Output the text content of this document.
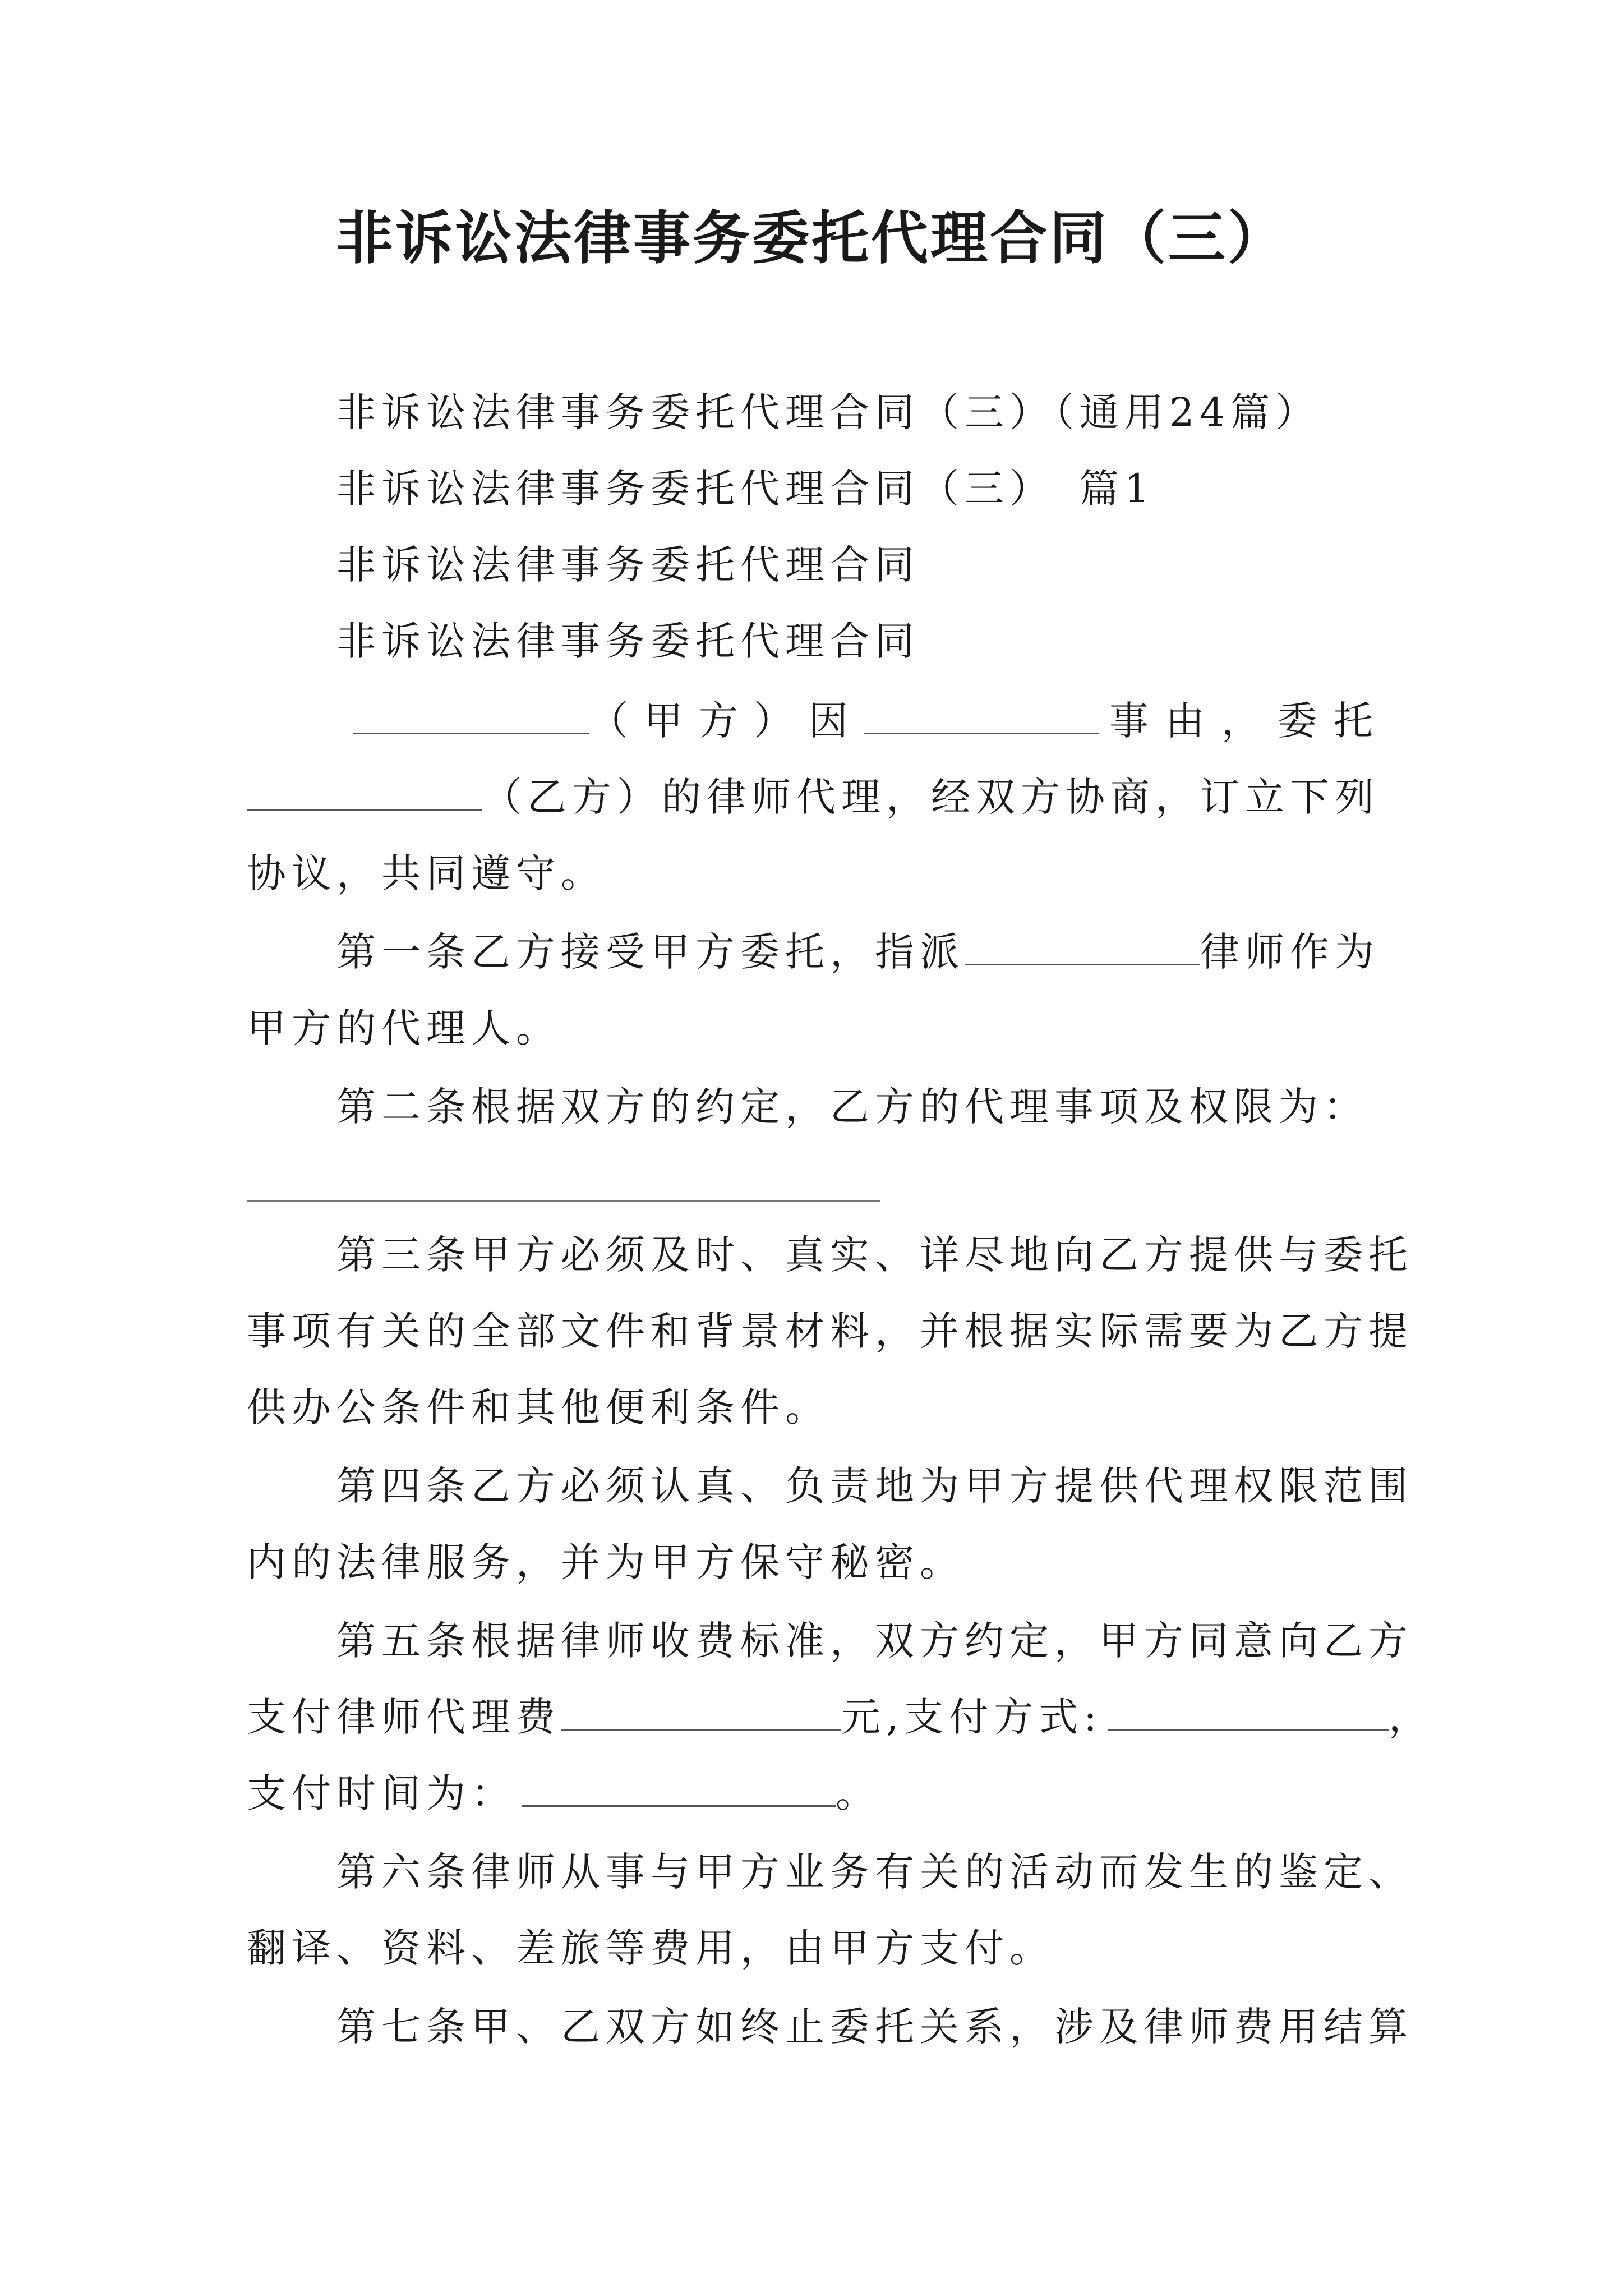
非诉讼法律事务委托代理合同（三）
非诉讼法律事务委托代理合同（三）（通用24篇）
非诉讼法律事务委托代理合同（三）　篇1
非诉讼法律事务委托代理合同
非诉讼法律事务委托代理合同
（甲方）因	事由，委托
（乙方）的律师代理，经双方协商，订立下列
协议，共同遵守。
第一条乙方接受甲方委托，指派	律师作为
甲方的代理人。
第二条根据双方的约定，乙方的代理事项及权限为：
第三条甲方必须及时、真实、详尽地向乙方提供与委托
事项有关的全部文件和背景材料，并根据实际需要为乙方提
供办公条件和其他便利条件。
第四条乙方必须认真、负责地为甲方提供代理权限范围
内的法律服务，并为甲方保守秘密。
第五条根据律师收费标准，双方约定，甲方同意向乙方
支付律师代理费	元,支付方式:	，
支付时间为：	。
第六条律师从事与甲方业务有关的活动而发生的鉴定、
翻译、资料、差旅等费用，由甲方支付。
第七条甲、乙双方如终止委托关系，涉及律师费用结算
